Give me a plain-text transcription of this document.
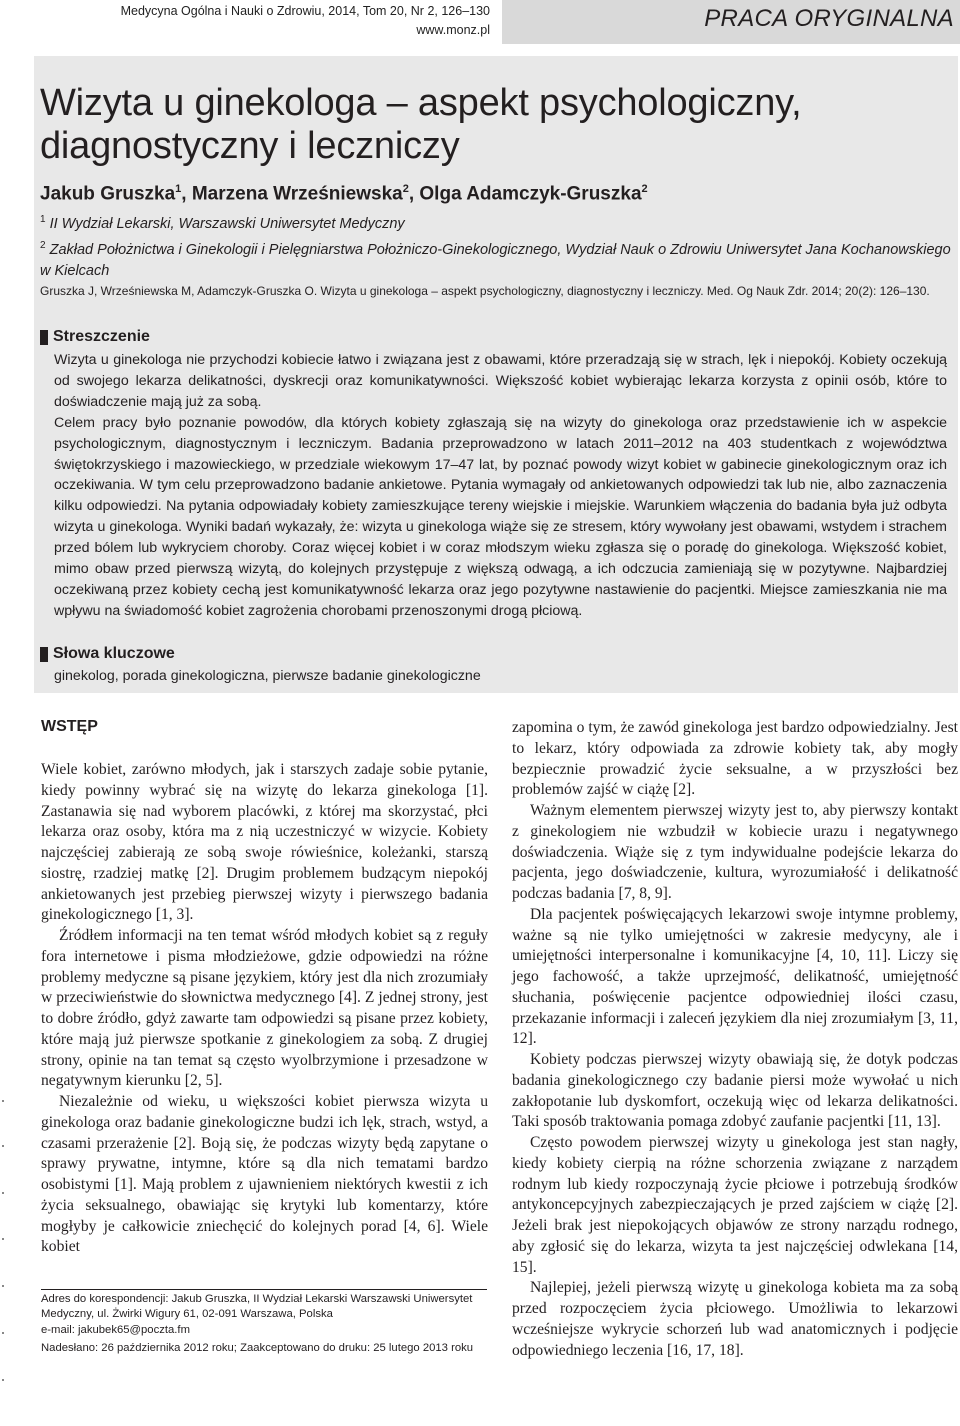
Medycyna Ogólna i Nauki o Zdrowiu, 2014, Tom 20, Nr 2, 126–130
www.monz.pl	PRACA ORYGINALNA
Wizyta u ginekologa – aspekt psychologiczny, diagnostyczny i leczniczy
Jakub Gruszka$^1$, Marzena Wrześniewska$^2$, Olga Adamczyk-Gruszka$^2$
$^1$ II Wydział Lekarski, Warszawski Uniwersytet Medyczny
$^2$ Zakład Położnictwa i Ginekologii i Pielęgniarstwa Położniczo-Ginekologicznego, Wydział Nauk o Zdrowiu Uniwersytet Jana Kochanowskiego w Kielcach
Gruszka J, Wrześniewska M, Adamczyk-Gruszka O. Wizyta u ginekologa – aspekt psychologiczny, diagnostyczny i leczniczy. Med. Og Nauk Zdr. 2014; 20(2): 126–130.
Streszczenie

Wizyta u ginekologa nie przychodzi kobiecie łatwo i związana jest z obawami, które przeradzają się w strach, lęk i niepokój. Kobiety oczekują od swojego lekarza delikatności, dyskrecji oraz komunikatywności. Większość kobiet wybierając lekarza korzysta z opinii osób, które to doświadczenie mają już za sobą.

Celem pracy było poznanie powodów, dla których kobiety zgłaszają się na wizyty do ginekologa oraz przedstawienie ich w aspekcie psychologicznym, diagnostycznym i leczniczym. Badania przeprowadzono w latach 2011–2012 na 403 studentkach z województwa świętokrzyskiego i mazowieckiego, w przedziale wiekowym 17–47 lat, by poznać powody wizyt kobiet w gabinecie ginekologicznym oraz ich oczekiwania. W tym celu przeprowadzono badanie ankietowe. Pytania wymagały od ankietowanych odpowiedzi tak lub nie, albo zaznaczenia kilku odpowiedzi. Na pytania odpowiadały kobiety zamieszkujące tereny wiejskie i miejskie. Warunkiem włączenia do badania była już odbyta wizyta u ginekologa. Wyniki badań wykazały, że: wizyta u ginekologa wiąże się ze stresem, który wywołany jest obawami, wstydem i strachem przed bólem lub wykryciem choroby. Coraz więcej kobiet i w coraz młodszym wieku zgłasza się o poradę do ginekologa. Większość kobiet, mimo obaw przed pierwszą wizytą, do kolejnych przystępuje z większą odwagą, a ich odczucia zamieniają się w pozytywne. Najbardziej oczekiwaną przez kobiety cechą jest komunikatywność lekarza oraz jego pozytywne nastawienie do pacjentki. Miejsce zamieszkania nie ma wpływu na świadomość kobiet zagrożenia chorobami przenoszonymi drogą płciową.

Słowa kluczowe
ginekolog, porada ginekologiczna, pierwsze badanie ginekologiczne
WSTĘP

Wiele kobiet, zarówno młodych, jak i starszych zadaje sobie pytanie, kiedy powinny wybrać się na wizytę do lekarza ginekologa [1]. Zastanawia się nad wyborem placówki, z której ma skorzystać, płci lekarza oraz osoby, która ma z nią uczestniczyć w wizycie. Kobiety najczęściej zabierają ze sobą swoje rówieśnice, koleżanki, starszą siostrę, rzadziej matkę [2]. Drugim problemem budzącym niepokój ankietowanych jest przebieg pierwszej wizyty i pierwszego badania ginekologicznego [1, 3].

Źródłem informacji na ten temat wśród młodych kobiet są z reguły fora internetowe i pisma młodzieżowe, gdzie odpowiedzi na różne problemy medyczne są pisane językiem, który jest dla nich zrozumiały w przeciwieństwie do słownictwa medycznego [4]. Z jednej strony, jest to dobre źródło, gdyż zawarte tam odpowiedzi są pisane przez kobiety, które mają już pierwsze spotkanie z ginekologiem za sobą. Z drugiej strony, opinie na tan temat są często wyolbrzymione i przesadzone w negatywnym kierunku [2, 5].

Niezależnie od wieku, u większości kobiet pierwsza wizyta u ginekologa oraz badanie ginekologiczne budzi ich lęk, strach, wstyd, a czasami przerażenie [2]. Boją się, że podczas wizyty będą zapytane o sprawy prywatne, intymne, które są dla nich tematami bardzo osobistymi [1]. Mają problem z ujawnieniem niektórych kwestii z ich życia seksualnego, obawiając się krytyki lub komentarzy, które mogłyby je całkowicie zniechęcić do kolejnych porad [4, 6]. Wiele kobiet

zapomina o tym, że zawód ginekologa jest bardzo odpowiedzialny. Jest to lekarz, który odpowiada za zdrowie kobiety tak, aby mogły bezpiecznie prowadzić życie seksualne, a w przyszłości bez problemów zajść w ciążę [2].

Ważnym elementem pierwszej wizyty jest to, aby pierwszy kontakt z ginekologiem nie wzbudził w kobiecie urazu i negatywnego doświadczenia. Wiąże się z tym indywidualne podejście lekarza do pacjenta, jego doświadczenie, kultura, wyrozumiałość i delikatność podczas badania [7, 8, 9].

Dla pacjentek poświęcających lekarzowi swoje intymne problemy, ważne są nie tylko umiejętności w zakresie medycyny, ale i umiejętności interpersonalne i komunikacyjne [4, 10, 11]. Liczy się jego fachowość, a także uprzejmość, delikatność, umiejętność słuchania, poświęcenie pacjentce odpowiedniej ilości czasu, przekazanie informacji i zaleceń językiem dla niej zrozumiałym [3, 11, 12].

Kobiety podczas pierwszej wizyty obawiają się, że dotyk podczas badania ginekologicznego czy badanie piersi może wywołać u nich zakłopotanie lub dyskomfort, oczekują więc od lekarza delikatności. Taki sposób traktowania pomaga zdobyć zaufanie pacjentki [11, 13].

Często powodem pierwszej wizyty u ginekologa jest stan nagły, kiedy kobiety cierpią na różne schorzenia związane z narządem rodnym lub kiedy rozpoczynają życie płciowe i potrzebują środków antykoncepcyjnych zabezpieczających je przed zajściem w ciążę [2]. Jeżeli brak jest niepokojących objawów ze strony narządu rodnego, aby zgłosić się do lekarza, wizyta ta jest najczęściej odwlekana [14, 15].

Najlepiej, jeżeli pierwszą wizytę u ginekologa kobieta ma za sobą przed rozpoczęciem życia płciowego. Umożliwia to lekarzowi wcześniejsze wykrycie schorzeń lub wad anatomicznych i podjęcie odpowiedniego leczenia [16, 17, 18].

Adres do korespondencji: Jakub Gruszka, II Wydział Lekarski Warszawski Uniwersytet Medyczny, ul. Żwirki Wigury 61, 02-091 Warszawa, Polska
e-mail: jakubek65@poczta.fm
Nadesłano: 26 października 2012 roku; Zaakceptowano do druku: 25 lutego 2013 roku
